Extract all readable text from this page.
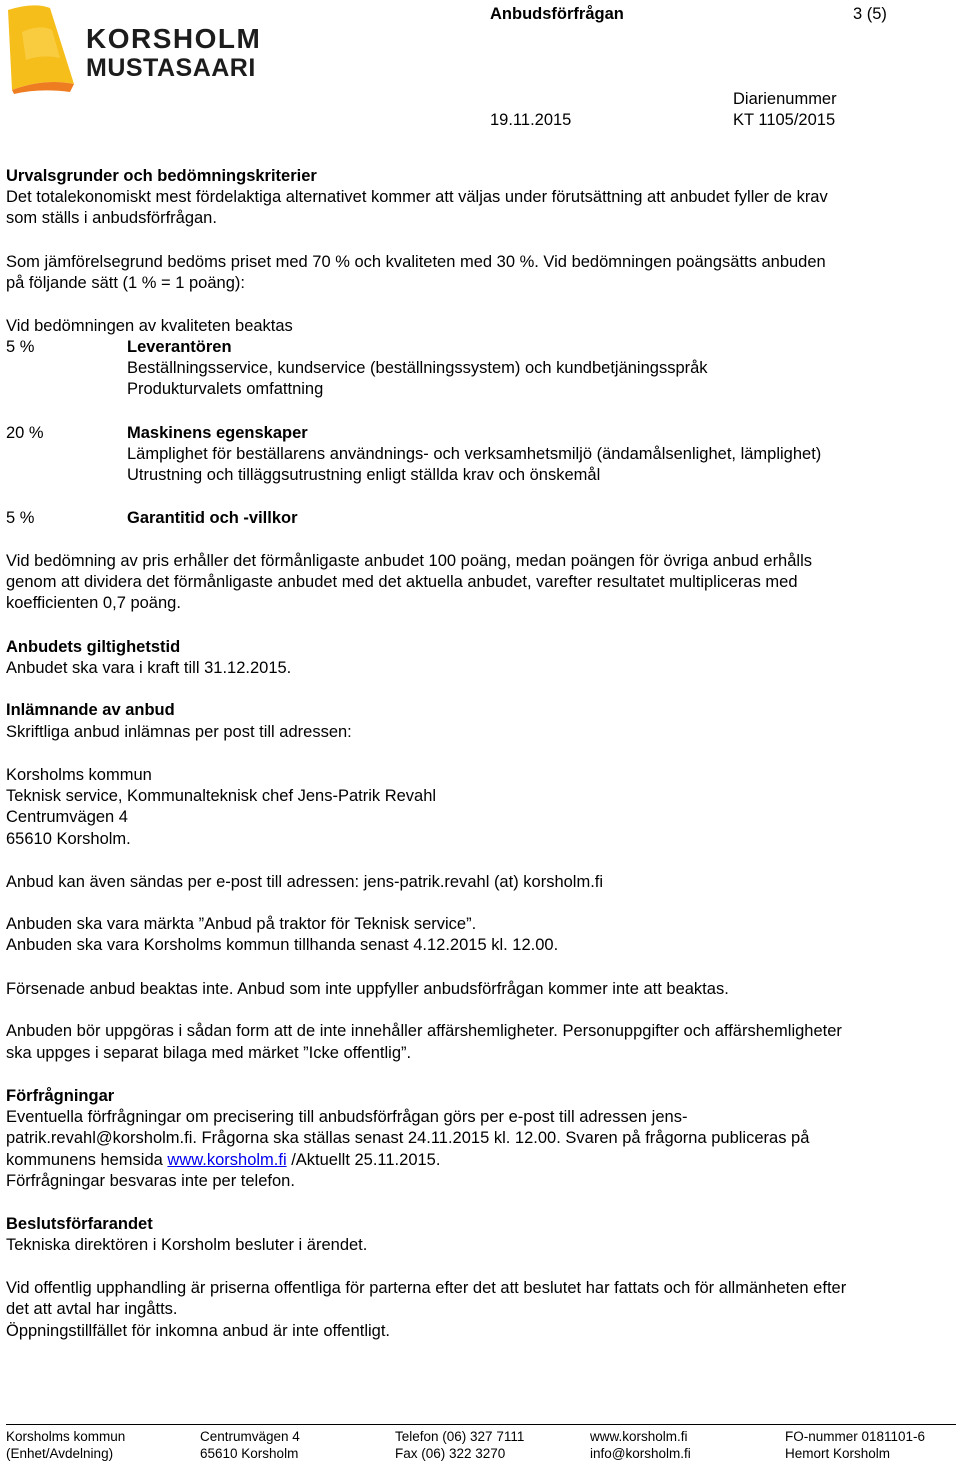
KORSHOLM
MUSTASAARI
Anbudsförfrågan	3 (5)
Diarienummer
19.11.2015	KT 1105/2015
Urvalsgrunder och bedömningskriterier
Det totalekonomiskt mest fördelaktiga alternativet kommer att väljas under förutsättning att anbudet fyller de krav
som ställs i anbudsförfrågan.
Som jämförelsegrund bedöms priset med 70 % och kvaliteten med 30 %. Vid bedömningen poängsätts anbuden
på följande sätt (1 % = 1 poäng):
Vid bedömningen av kvaliteten beaktas
5 %	Leverantören
Beställningsservice, kundservice (beställningssystem) och kundbetjäningsspråk
Produkturvalets omfattning
20 %	Maskinens egenskaper
Lämplighet för beställarens användnings- och verksamhetsmiljö (ändamålsenlighet, lämplighet)
Utrustning och tilläggsutrustning enligt ställda krav och önskemål
5 %	Garantitid och -villkor
Vid bedömning av pris erhåller det förmånligaste anbudet 100 poäng, medan poängen för övriga anbud erhålls
genom att dividera det förmånligaste anbudet med det aktuella anbudet, varefter resultatet multipliceras med
koefficienten 0,7 poäng.
Anbudets giltighetstid
Anbudet ska vara i kraft till 31.12.2015.
Inlämnande av anbud
Skriftliga anbud inlämnas per post till adressen:
Korsholms kommun
Teknisk service, Kommunalteknisk chef Jens-Patrik Revahl
Centrumvägen 4
65610 Korsholm.
Anbud kan även sändas per e-post till adressen: jens-patrik.revahl (at) korsholm.fi
Anbuden ska vara märkta ”Anbud på traktor för Teknisk service”.
Anbuden ska vara Korsholms kommun tillhanda senast 4.12.2015 kl. 12.00.
Försenade anbud beaktas inte. Anbud som inte uppfyller anbudsförfrågan kommer inte att beaktas.
Anbuden bör uppgöras i sådan form att de inte innehåller affärshemligheter. Personuppgifter och affärshemligheter
ska uppges i separat bilaga med märket ”Icke offentlig”.
Förfrågningar
Eventuella förfrågningar om precisering till anbudsförfrågan görs per e-post till adressen jens-
patrik.revahl@korsholm.fi. Frågorna ska ställas senast 24.11.2015 kl. 12.00. Svaren på frågorna publiceras på
kommunens hemsida www.korsholm.fi /Aktuellt 25.11.2015.
Förfrågningar besvaras inte per telefon.
Beslutsförfarandet
Tekniska direktören i Korsholm besluter i ärendet.
Vid offentlig upphandling är priserna offentliga för parterna efter det att beslutet har fattats och för allmänheten efter
det att avtal har ingåtts.
Öppningstillfället för inkomna anbud är inte offentligt.
Korsholms kommun
(Enhet/Avdelning)
Centrumvägen 4
65610 Korsholm
Telefon (06) 327 7111
Fax (06) 322 3270
www.korsholm.fi
info@korsholm.fi
FO-nummer 0181101-6
Hemort Korsholm
